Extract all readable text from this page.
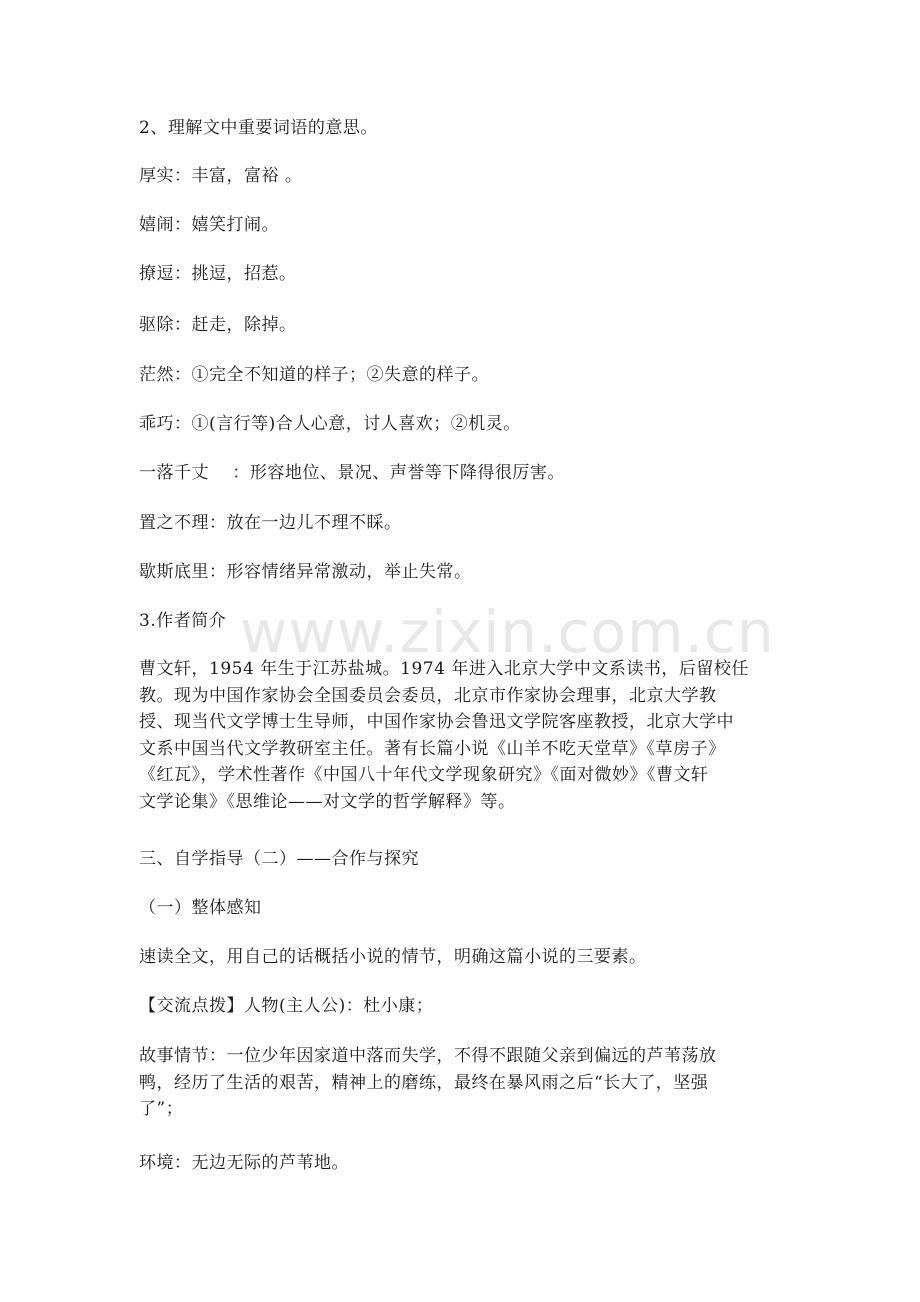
www.zixin.com.cn
2、理解文中重要词语的意思。
厚实：丰富，富裕 。
嬉闹：嬉笑打闹。
撩逗：挑逗，招惹。
驱除：赶走，除掉。
茫然：①完全不知道的样子；②失意的样子。
乖巧：①(言行等)合人心意，讨人喜欢；②机灵。
一落千丈　 ：形容地位、景况、声誉等下降得很厉害。
置之不理：放在一边儿不理不睬。
歇斯底里：形容情绪异常激动，举止失常。
3.作者简介
曹文轩，1954 年生于江苏盐城。1974 年进入北京大学中文系读书，后留校任
教。现为中国作家协会全国委员会委员，北京市作家协会理事，北京大学教
授、现当代文学博士生导师，中国作家协会鲁迅文学院客座教授，北京大学中
文系中国当代文学教研室主任。著有长篇小说《山羊不吃天堂草》《草房子》
《红瓦》，学术性著作《中国八十年代文学现象研究》《面对微妙》《曹文轩
文学论集》《思维论——对文学的哲学解释》等。
三、自学指导（二）——合作与探究
（一）整体感知
速读全文，用自己的话概括小说的情节，明确这篇小说的三要素。
【交流点拨】人物(主人公)：杜小康；
故事情节：一位少年因家道中落而失学，不得不跟随父亲到偏远的芦苇荡放
鸭，经历了生活的艰苦，精神上的磨练，最终在暴风雨之后“长大了，坚强
了”；
环境：无边无际的芦苇地。
